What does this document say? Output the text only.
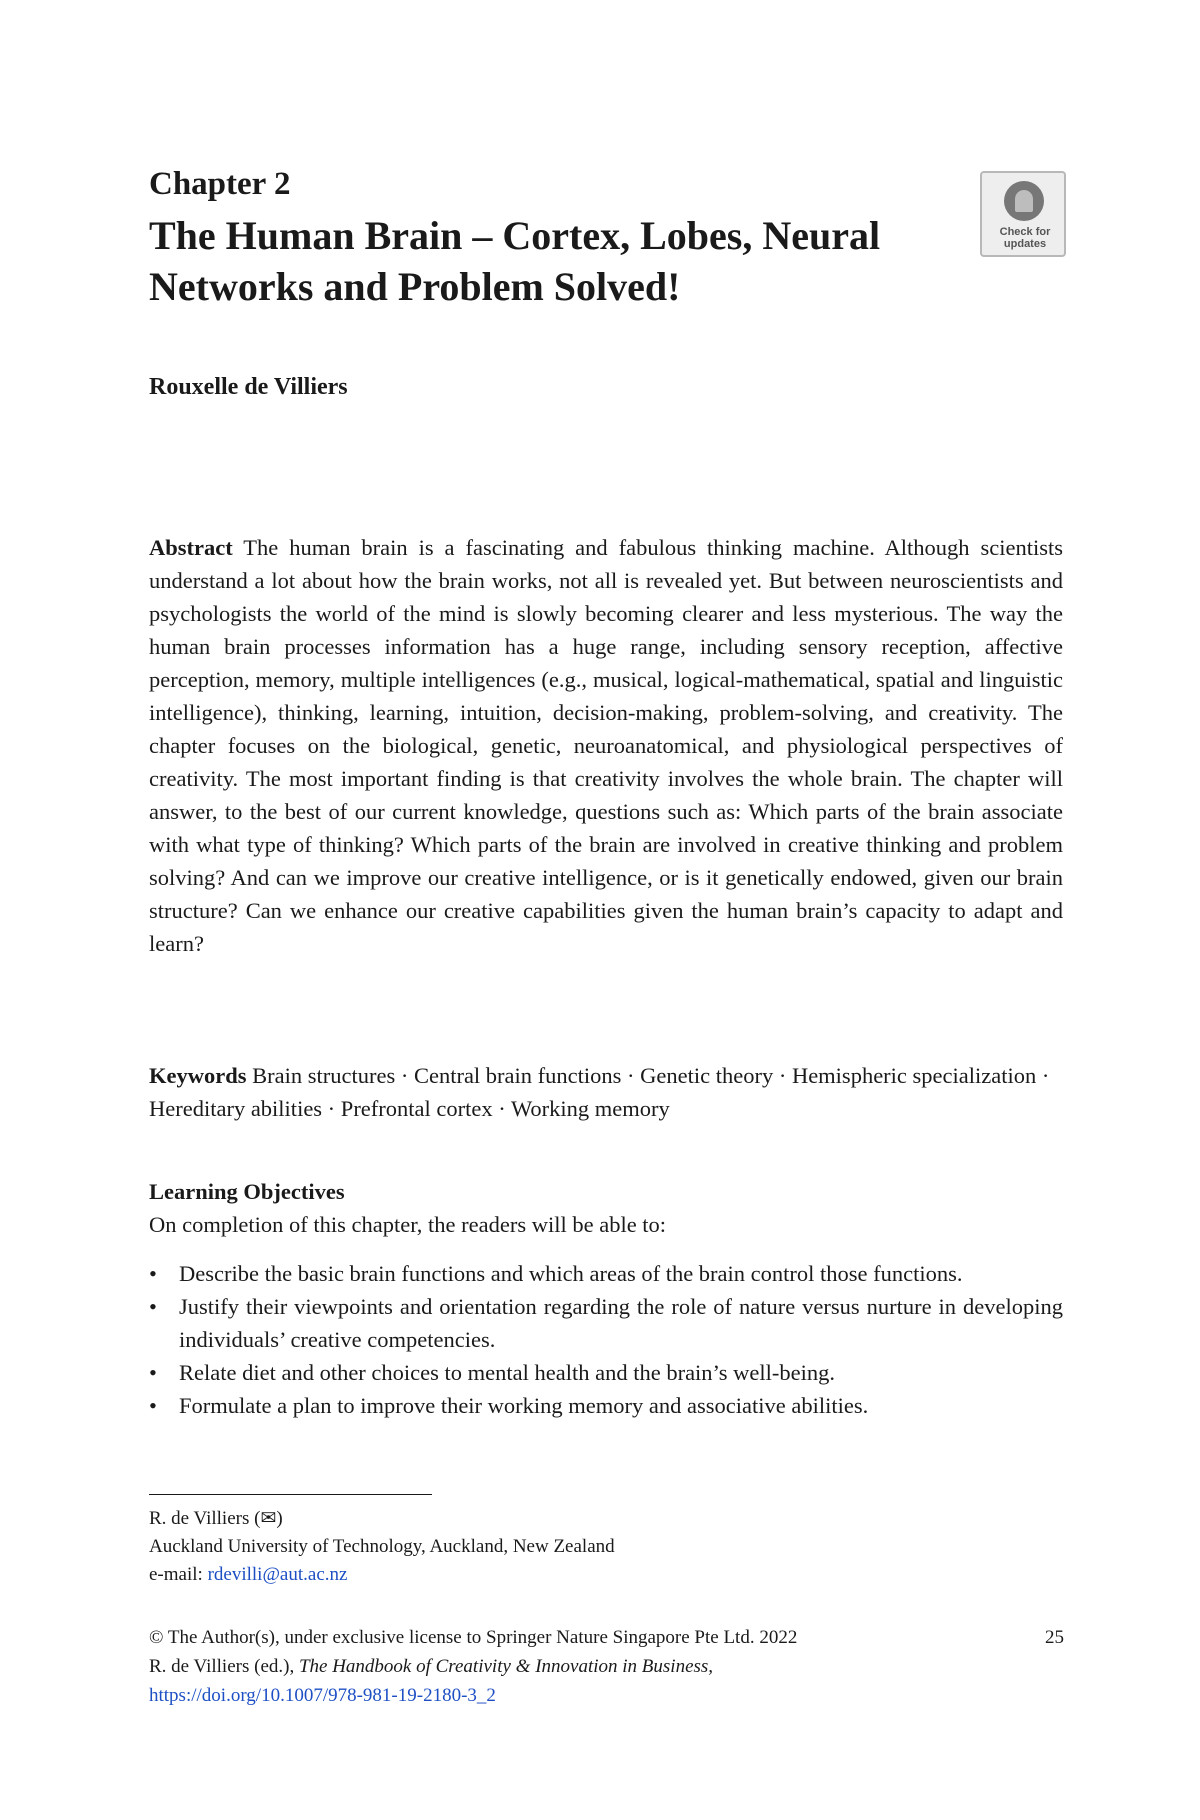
Chapter 2
The Human Brain – Cortex, Lobes, Neural Networks and Problem Solved!
Check for updates
Rouxelle de Villiers
Abstract The human brain is a fascinating and fabulous thinking machine. Although scientists understand a lot about how the brain works, not all is revealed yet. But between neuroscientists and psychologists the world of the mind is slowly becoming clearer and less mysterious. The way the human brain processes information has a huge range, including sensory reception, affective perception, memory, multiple intelligences (e.g., musical, logical-mathematical, spatial and linguistic intelligence), thinking, learning, intuition, decision-making, problem-solving, and creativity. The chapter focuses on the biological, genetic, neuroanatomical, and physiological perspectives of creativity. The most important finding is that creativity involves the whole brain. The chapter will answer, to the best of our current knowledge, questions such as: Which parts of the brain associate with what type of thinking? Which parts of the brain are involved in creative thinking and problem solving? And can we improve our creative intelligence, or is it genetically endowed, given our brain structure? Can we enhance our creative capabilities given the human brain’s capacity to adapt and learn?
Keywords Brain structures · Central brain functions · Genetic theory · Hemispheric specialization · Hereditary abilities · Prefrontal cortex · Working memory
Learning Objectives
On completion of this chapter, the readers will be able to:
• Describe the basic brain functions and which areas of the brain control those functions.
• Justify their viewpoints and orientation regarding the role of nature versus nurture in developing individuals’ creative competencies.
• Relate diet and other choices to mental health and the brain’s well-being.
• Formulate a plan to improve their working memory and associative abilities.
R. de Villiers (✉)
Auckland University of Technology, Auckland, New Zealand
e-mail: rdevilli@aut.ac.nz
© The Author(s), under exclusive license to Springer Nature Singapore Pte Ltd. 2022
R. de Villiers (ed.), The Handbook of Creativity & Innovation in Business,
https://doi.org/10.1007/978-981-19-2180-3_2
25
